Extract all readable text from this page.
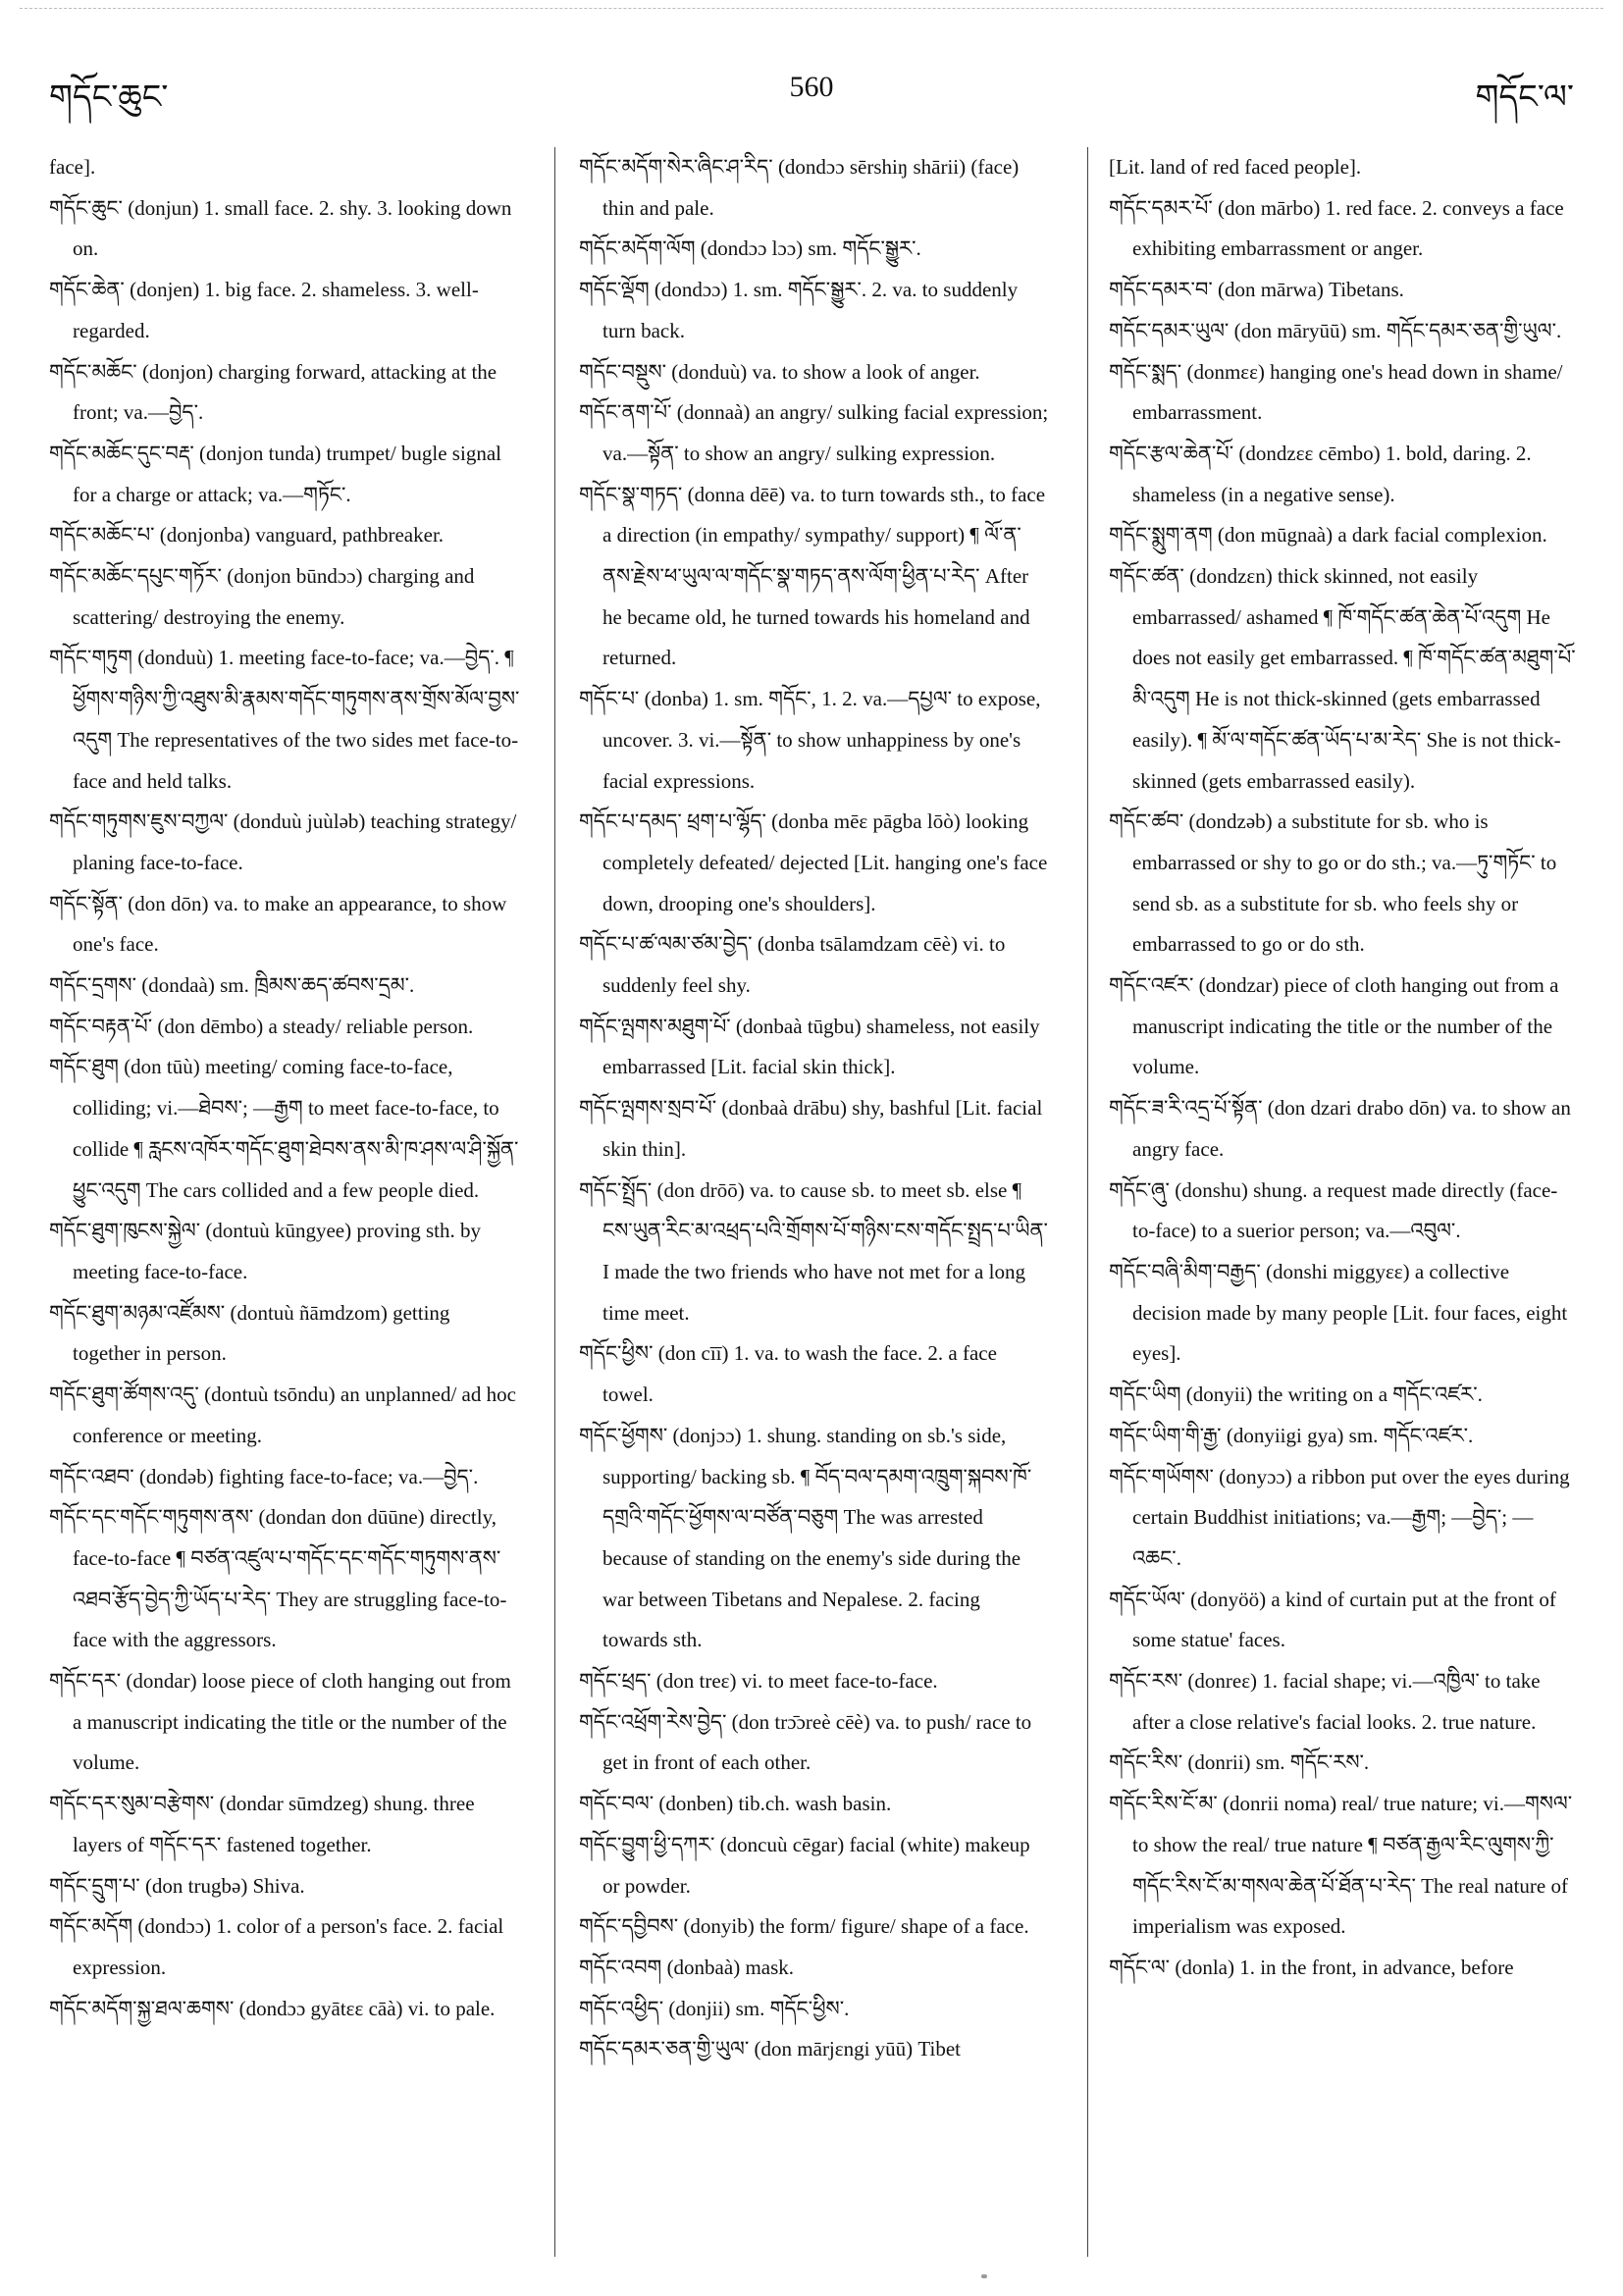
གདོང་ཆུང་	560	གདོང་ལ་

face].

གདོང་ཆུང་ (donjun) 1. small face. 2. shy. 3. looking down on.

གདོང་ཆེན་ (donjen) 1. big face. 2. shameless. 3. well-regarded.

གདོང་མཆོང་ (donjon) charging forward, attacking at the front; va.—བྱེད་.

གདོང་མཆོང་དུང་བརྡ་ (donjon tunda) trumpet/ bugle signal for a charge or attack; va.—གཏོང་.

གདོང་མཆོང་པ་ (donjonba) vanguard, pathbreaker.

གདོང་མཆོང་དཔུང་གཏོར་ (donjon būndɔɔ) charging and scattering/ destroying the enemy.

གདོང་གཏུག (donduù) 1. meeting face-to-face; va.—བྱེད་. ¶ ཕྱོགས་གཉིས་ཀྱི་འཐུས་མི་རྣམས་གདོང་གཏུགས་ནས་གྲོས་མོལ་བྱས་འདུག The representatives of the two sides met face-to-face and held talks.

གདོང་གཏུགས་ཇུས་བཀྱལ་ (donduù juùləb) teaching strategy/ planing face-to-face.

གདོང་སྟོན་ (don dōn) va. to make an appearance, to show one's face.

གདོང་དྲགས་ (dondaà) sm. ཁྲིམས་ཆད་ཚབས་དྲམ་.

གདོང་བརྟན་པོ་ (don dēmbo) a steady/ reliable person.

གདོང་ཐུག (don tūù) meeting/ coming face-to-face, colliding; vi.—ཐེབས་; —རྒྱག to meet face-to-face, to collide ¶ རླངས་འཁོར་གདོང་ཐུག་ཐེབས་ནས་མི་ཁ་ཤས་ལ་ཤི་སྐྱོན་ཕྱུང་འདུག The cars collided and a few people died.

གདོང་ཐུག་ཁུངས་སྐྱེལ་ (dontuù kūngyee) proving sth. by meeting face-to-face.

གདོང་ཐུག་མཉམ་འཛོམས་ (dontuù ñāmdzom) getting together in person.

གདོང་ཐུག་ཚོགས་འདུ་ (dontuù tsōndu) an unplanned/ ad hoc conference or meeting.

གདོང་འཐབ་ (dondəb) fighting face-to-face; va.—བྱེད་.

གདོང་དང་གདོང་གཏུགས་ནས་ (dondan don dūūne) directly, face-to-face ¶ བཙན་འཛུལ་པ་གདོང་དང་གདོང་གཏུགས་ནས་འཐབ་རྩོད་བྱེད་ཀྱི་ཡོད་པ་རེད་ They are struggling face-to-face with the aggressors.

གདོང་དར་ (dondar) loose piece of cloth hanging out from a manuscript indicating the title or the number of the volume.

གདོང་དར་སུམ་བརྩེགས་ (dondar sūmdzeg) shung. three layers of གདོང་དར་ fastened together.

གདོང་དྲུག་པ་ (don trugbə) Shiva.

གདོང་མདོག (dondɔɔ) 1. color of a person's face. 2. facial expression.

གདོང་མདོག་སྐྱ་ཐལ་ཆགས་ (dondɔɔ gyātεε cāà) vi. to pale.

གདོང་མདོག་སེར་ཞིང་ཤ་རིད་ (dondɔɔ sērshiŋ shārii) (face) thin and pale.

གདོང་མདོག་ལོག (dondɔɔ lɔɔ) sm. གདོང་སྒྱུར་.

གདོང་ལྡོག (dondɔɔ) 1. sm. གདོང་སྒྱུར་. 2. va. to suddenly turn back.

གདོང་བསྡུས་ (donduù) va. to show a look of anger.

གདོང་ནག་པོ་ (donnaà) an angry/ sulking facial expression; va.—སྟོན་ to show an angry/ sulking expression.

གདོང་སྣ་གཏད་ (donna dēē) va. to turn towards sth., to face a direction (in empathy/ sympathy/ support) ¶ ལོ་ན་ནས་རྗེས་ཕ་ཡུལ་ལ་གདོང་སྣ་གཏད་ནས་ལོག་ཕྱིན་པ་རེད་ After he became old, he turned towards his homeland and returned.

གདོང་པ་ (donba) 1. sm. གདོང་, 1. 2. va.—དཔྱལ་ to expose, uncover. 3. vi.—སྟོན་ to show unhappiness by one's facial expressions.

གདོང་པ་དམད་ ཕྲག་པ་ལྷོད་ (donba mēε pāgba lōò) looking completely defeated/ dejected [Lit. hanging one's face down, drooping one's shoulders].

གདོང་པ་ཚ་ལམ་ཙམ་བྱེད་ (donba tsālamdzam cēè) vi. to suddenly feel shy.

གདོང་ལྤགས་མཐུག་པོ་ (donbaà tūgbu) shameless, not easily embarrassed [Lit. facial skin thick].

གདོང་ལྤགས་སྲབ་པོ་ (donbaà drābu) shy, bashful [Lit. facial skin thin].

གདོང་སྤྲོད་ (don drōō) va. to cause sb. to meet sb. else ¶ ངས་ཡུན་རིང་མ་འཕྲད་པའི་གྲོགས་པོ་གཉིས་ངས་གདོང་སྤྲད་པ་ཡིན་ I made the two friends who have not met for a long time meet.

གདོང་ཕྱིས་ (don cīī) 1. va. to wash the face. 2. a face towel.

གདོང་ཕྱོགས་ (donjɔɔ) 1. shung. standing on sb.'s side, supporting/ backing sb. ¶ བོད་བལ་དམག་འཁྲུག་སྐབས་ཁོ་དགྲའི་གདོང་ཕྱོགས་ལ་བཙོན་བཅུག The was arrested because of standing on the enemy's side during the war between Tibetans and Nepalese. 2. facing towards sth.

གདོང་ཕྲད་ (don treε) vi. to meet face-to-face.

གདོང་འཕྲོག་རེས་བྱེད་ (don trɔ̄ɔreè cēè) va. to push/ race to get in front of each other.

གདོང་བལ་ (donben) tib.ch. wash basin.

གདོང་བྱུག་ཕྱི་དཀར་ (doncuù cēgar) facial (white) makeup or powder.

གདོང་དབྱིབས་ (donyib) the form/ figure/ shape of a face.

གདོང་འབག (donbaà) mask.

གདོང་འཕྱིད་ (donjii) sm. གདོང་ཕྱིས་.

གདོང་དམར་ཅན་གྱི་ཡུལ་ (don mārjεngi yūū) Tibet

[Lit. land of red faced people].

གདོང་དམར་པོ་ (don mārbo) 1. red face. 2. conveys a face exhibiting embarrassment or anger.

གདོང་དམར་བ་ (don mārwa) Tibetans.

གདོང་དམར་ཡུལ་ (don māryūū) sm. གདོང་དམར་ཅན་གྱི་ཡུལ་.

གདོང་སྨད་ (donmεε) hanging one's head down in shame/ embarrassment.

གདོང་རྩལ་ཆེན་པོ་ (dondzεε cēmbo) 1. bold, daring. 2. shameless (in a negative sense).

གདོང་སྨུག་ནག (don mūgnaà) a dark facial complexion.

གདོང་ཚན་ (dondzεn) thick skinned, not easily embarrassed/ ashamed ¶ ཁོ་གདོང་ཚན་ཆེན་པོ་འདུག He does not easily get embarrassed. ¶ ཁོ་གདོང་ཚན་མཐུག་པོ་མི་འདུག He is not thick-skinned (gets embarrassed easily). ¶ མོ་ལ་གདོང་ཚན་ཡོད་པ་མ་རེད་ She is not thick-skinned (gets embarrassed easily).

གདོང་ཚབ་ (dondzəb) a substitute for sb. who is embarrassed or shy to go or do sth.; va.—ཏུ་གཏོང་ to send sb. as a substitute for sb. who feels shy or embarrassed to go or do sth.

གདོང་འཛར་ (dondzar) piece of cloth hanging out from a manuscript indicating the title or the number of the volume.

གདོང་ཟ་རི་འདྲ་པོ་སྟོན་ (don dzari drabo dōn) va. to show an angry face.

གདོང་ཞུ་ (donshu) shung. a request made directly (face-to-face) to a suerior person; va.—འབུལ་.

གདོང་བཞི་མིག་བརྒྱད་ (donshi miggyεε) a collective decision made by many people [Lit. four faces, eight eyes].

གདོང་ཡིག (donyii) the writing on a གདོང་འཛར་.

གདོང་ཡིག་གི་རྒྱ་ (donyiigi gya) sm. གདོང་འཛར་.

གདོང་གཡོགས་ (donyɔɔ) a ribbon put over the eyes during certain Buddhist initiations; va.—རྒྱག; —བྱེད་; —འཆང་.

གདོང་ཡོལ་ (donyöö) a kind of curtain put at the front of some statue' faces.

གདོང་རས་ (donreε) 1. facial shape; vi.—འཁྱིལ་ to take after a close relative's facial looks. 2. true nature.

གདོང་རིས་ (donrii) sm. གདོང་རས་.

གདོང་རིས་ངོ་མ་ (donrii noma) real/ true nature; vi.—གསལ་ to show the real/ true nature ¶ བཙན་རྒྱལ་རིང་ལུགས་ཀྱི་གདོང་རིས་ངོ་མ་གསལ་ཆེན་པོ་ཐོན་པ་རེད་ The real nature of imperialism was exposed.

གདོང་ལ་ (donla) 1. in the front, in advance, before
